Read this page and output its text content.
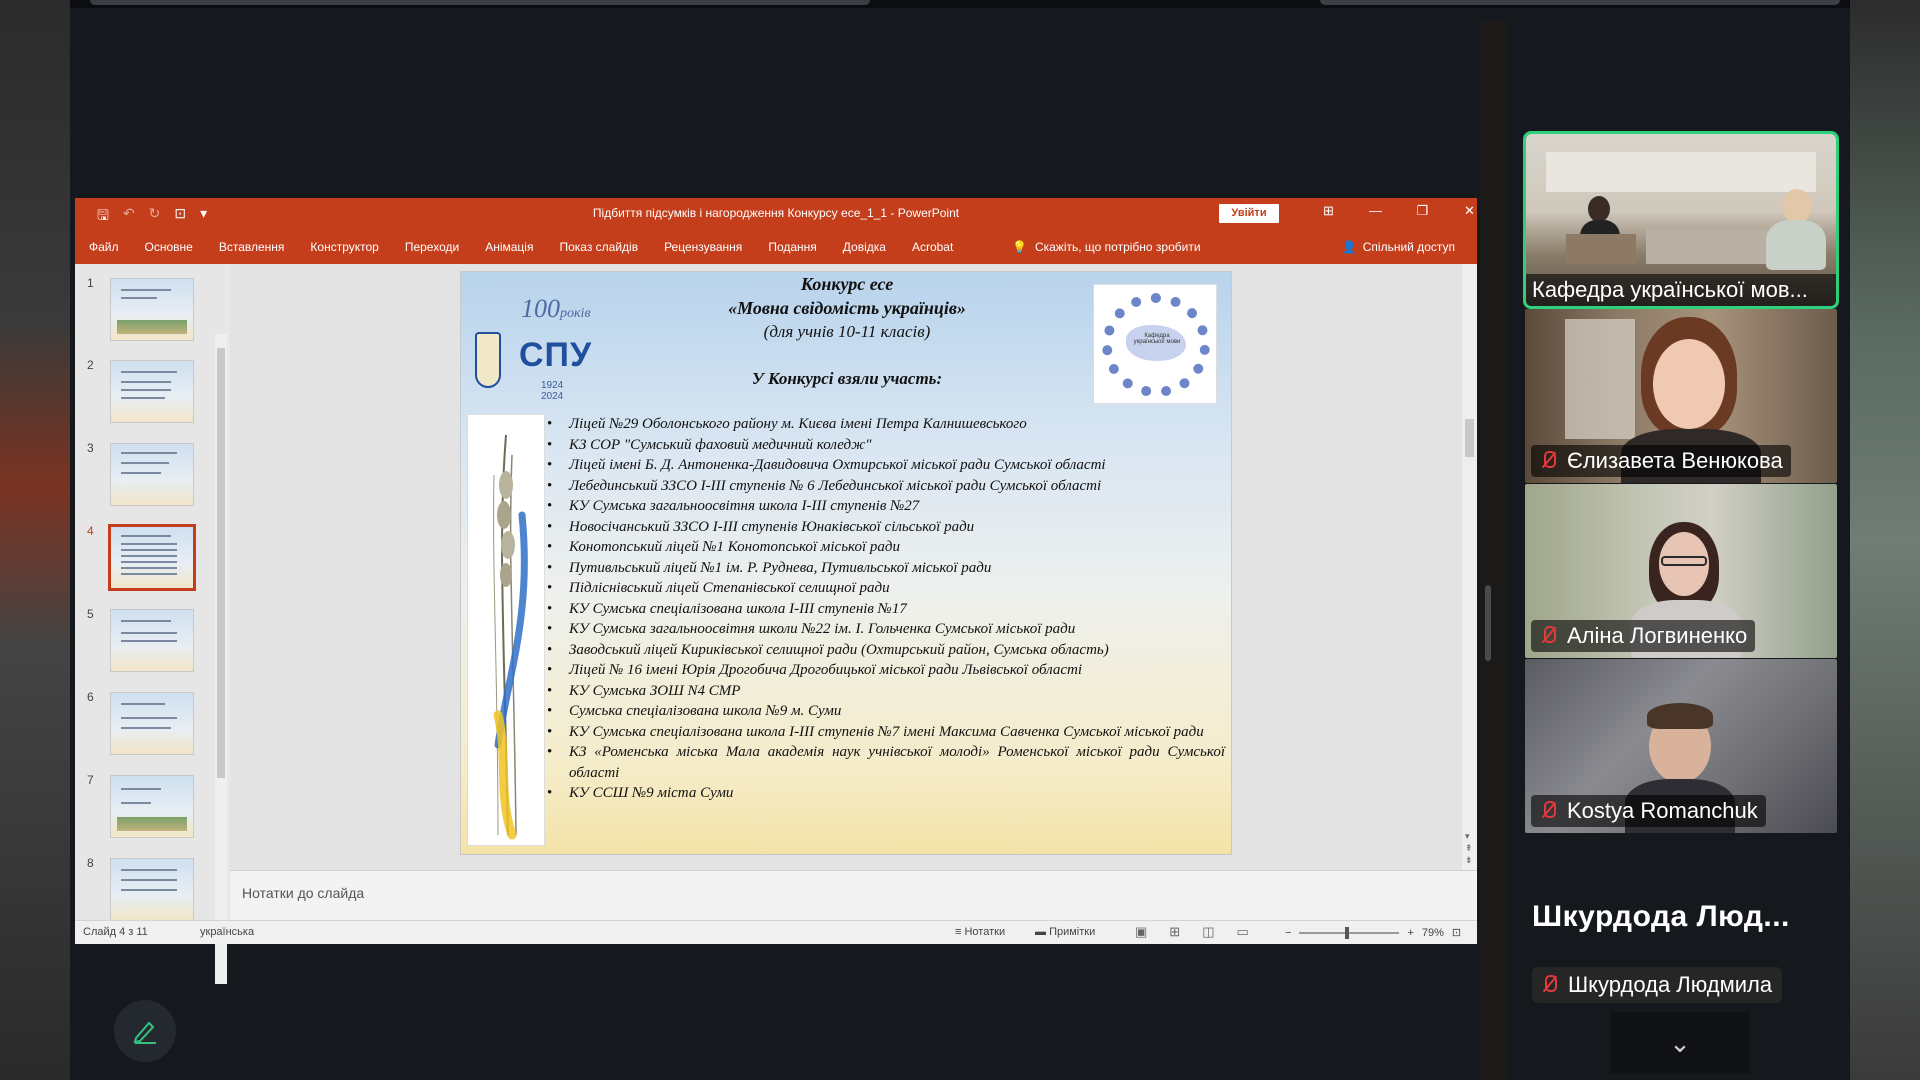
🖫 ↶ ↻ ⊡ ▾	Підбиття підсумків і нагородження Конкурсу есе_1_1 - PowerPoint	Увійти	⊞	—	❐	✕
Файл Основне Вставлення Конструктор Переходи Анімація Показ слайдів Рецензування Подання Довідка Acrobat	💡 Скажіть, що потрібно зробити	👤 Спільний доступ
1
2
3
4
5
6
7
8
100років
СПУ
1924
2024
Конкурс есе
«Мовна свідомість українців»
(для учнів 10-11 класів)
У Конкурсі взяли участь:
Кафедра української мови
• Ліцей №29 Оболонського району м. Києва імені Петра Калнишевського
• КЗ СОР "Сумський фаховий медичний коледж"
• Ліцей імені Б. Д. Антоненка-Давидовича Охтирської міської ради Сумської області
• Лебединський ЗЗСО І-ІІІ ступенів № 6 Лебединської міської ради Сумської області
• КУ Сумська загальноосвітня школа І-ІІІ ступенів №27
• Новосічанський ЗЗСО І-ІІІ ступенів Юнаківської сільської ради
• Конотопський ліцей №1 Конотопської міської ради
• Путивльський ліцей №1 ім. Р. Руднева, Путивльської міської ради
• Підліснівський ліцей Степанівської селищної ради
• КУ Сумська спеціалізована школа І-ІІІ ступенів №17
• КУ Сумська загальноосвітня школи №22 ім. І. Гольченка Сумської міської ради
• Заводський ліцей Кириківської селищної ради (Охтирський район, Сумська область)
• Ліцей № 16 імені Юрія Дрогобича Дрогобицької міської ради Львівської області
• КУ Сумська ЗОШ N4 СМР
• Сумська спеціалізована школа №9 м. Суми
• КУ Сумська спеціалізована школа І-ІІІ ступенів №7 імені Максима Савченка Сумської міської ради
• КЗ «Роменська міська Мала академія наук учнівської молоді» Роменської міської ради Сумської області
• КУ ССШ №9 міста Суми
▾
⇞
⇟
Нотатки до слайда
Слайд 4 з 11	українська	≡ Нотатки	▬ Примітки	▣ ⊞ ◫ ▭	−	+ 79% ⊡
Кафедра української мов...
Єлизавета Венюкова
Аліна Логвиненко
Kostya Romanchuk
Шкурдода Люд...
Шкурдода Людмила
⌄
